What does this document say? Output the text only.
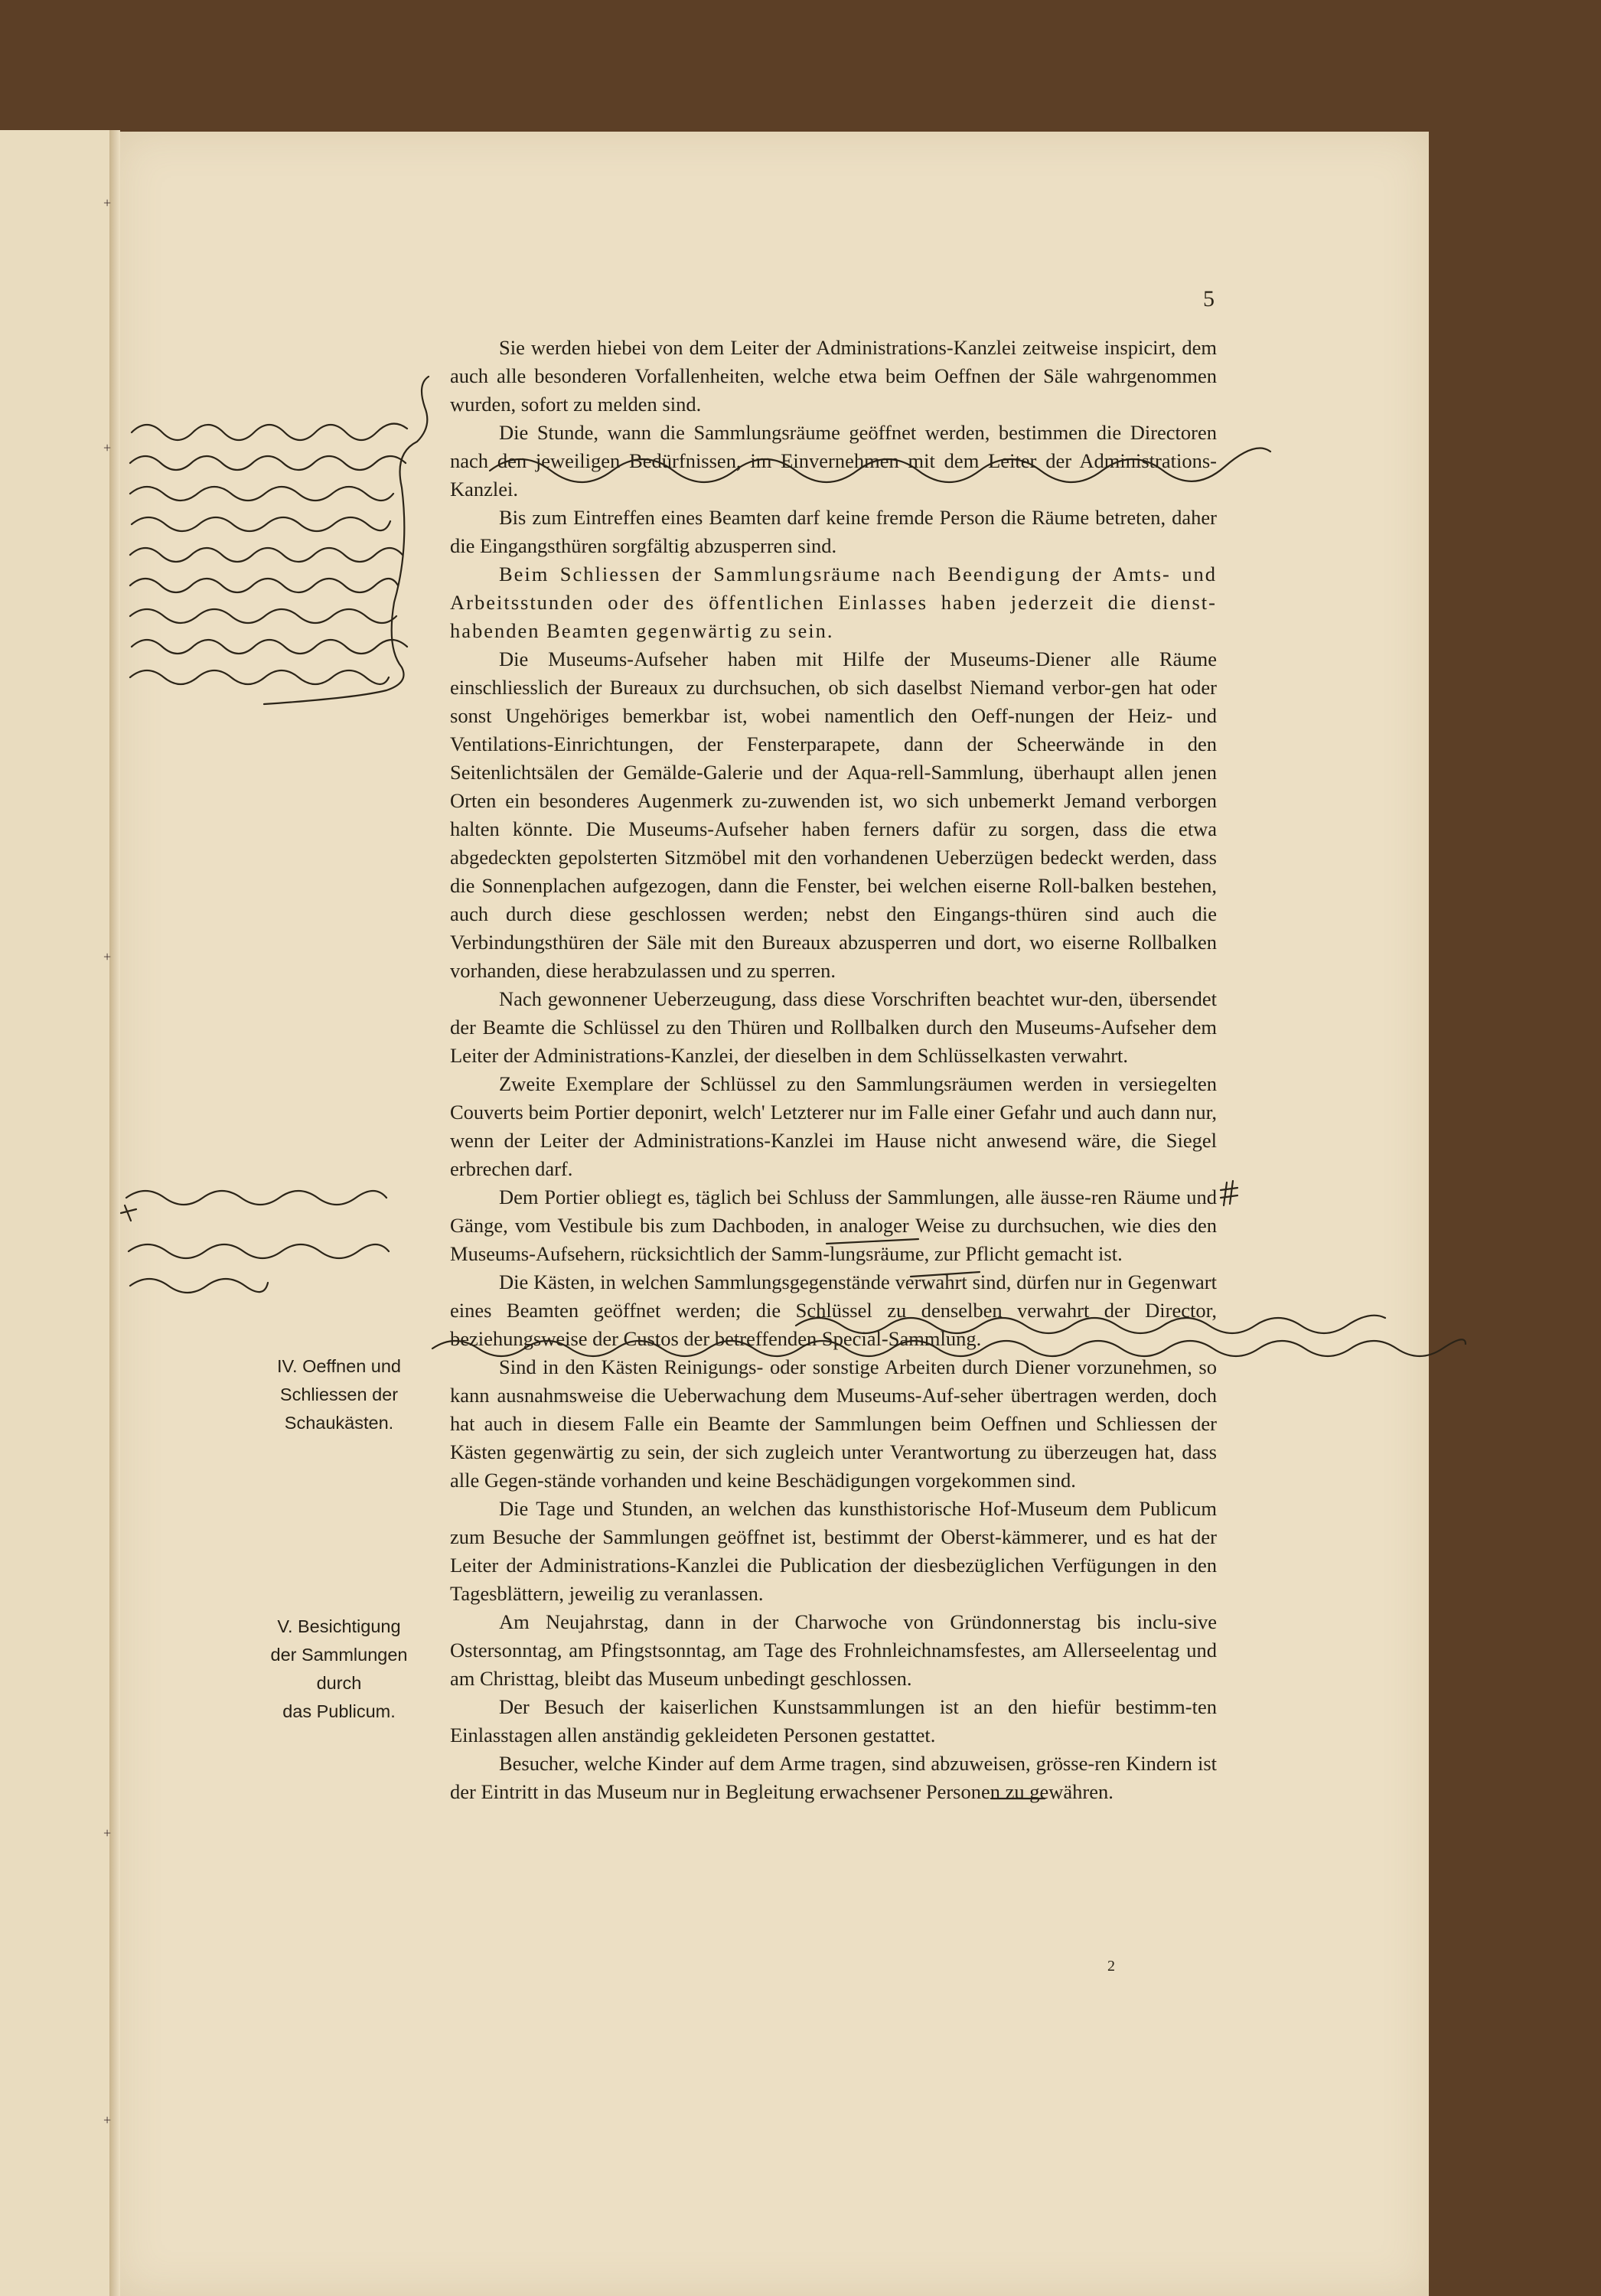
+
+
+
+
+
5

Sie werden hiebei von dem Leiter der Administrations-Kanzlei zeitweise inspicirt, dem auch alle besonderen Vorfallenheiten, welche etwa beim Oeffnen der Säle wahrgenommen wurden, sofort zu melden sind.

Die Stunde, wann die Sammlungsräume geöffnet werden, bestimmen die Directoren nach den jeweiligen Bedürfnissen, im Einvernehmen mit dem Leiter der Administrations-Kanzlei.

Bis zum Eintreffen eines Beamten darf keine fremde Person die Räume betreten, daher die Eingangsthüren sorgfältig abzusperren sind.

Beim Schliessen der Sammlungsräume nach Beendigung der Amts- und Arbeitsstunden oder des öffentlichen Einlasses haben jederzeit die dienst-habenden Beamten gegenwärtig zu sein.

Die Museums-Aufseher haben mit Hilfe der Museums-Diener alle Räume einschliesslich der Bureaux zu durchsuchen, ob sich daselbst Niemand verbor-gen hat oder sonst Ungehöriges bemerkbar ist, wobei namentlich den Oeff-nungen der Heiz- und Ventilations-Einrichtungen, der Fensterparapete, dann der Scheerwände in den Seitenlichtsälen der Gemälde-Galerie und der Aqua-rell-Sammlung, überhaupt allen jenen Orten ein besonderes Augenmerk zu-zuwenden ist, wo sich unbemerkt Jemand verborgen halten könnte. Die Museums-Aufseher haben ferners dafür zu sorgen, dass die etwa abgedeckten gepolsterten Sitzmöbel mit den vorhandenen Ueberzügen bedeckt werden, dass die Sonnenplachen aufgezogen, dann die Fenster, bei welchen eiserne Roll-balken bestehen, auch durch diese geschlossen werden; nebst den Eingangs-thüren sind auch die Verbindungsthüren der Säle mit den Bureaux abzusperren und dort, wo eiserne Rollbalken vorhanden, diese herabzulassen und zu sperren.

Nach gewonnener Ueberzeugung, dass diese Vorschriften beachtet wur-den, übersendet der Beamte die Schlüssel zu den Thüren und Rollbalken durch den Museums-Aufseher dem Leiter der Administrations-Kanzlei, der dieselben in dem Schlüsselkasten verwahrt.

Zweite Exemplare der Schlüssel zu den Sammlungsräumen werden in versiegelten Couverts beim Portier deponirt, welch' Letzterer nur im Falle einer Gefahr und auch dann nur, wenn der Leiter der Administrations-Kanzlei im Hause nicht anwesend wäre, die Siegel erbrechen darf.

Dem Portier obliegt es, täglich bei Schluss der Sammlungen, alle äusse-ren Räume und Gänge, vom Vestibule bis zum Dachboden, in analoger Weise zu durchsuchen, wie dies den Museums-Aufsehern, rücksichtlich der Samm-lungsräume, zur Pflicht gemacht ist.

Die Kästen, in welchen Sammlungsgegenstände verwahrt sind, dürfen nur in Gegenwart eines Beamten geöffnet werden; die Schlüssel zu denselben verwahrt der Director, beziehungsweise der Custos der betreffenden Special-Sammlung.

Sind in den Kästen Reinigungs- oder sonstige Arbeiten durch Diener vorzunehmen, so kann ausnahmsweise die Ueberwachung dem Museums-Auf-seher übertragen werden, doch hat auch in diesem Falle ein Beamte der Sammlungen beim Oeffnen und Schliessen der Kästen gegenwärtig zu sein, der sich zugleich unter Verantwortung zu überzeugen hat, dass alle Gegen-stände vorhanden und keine Beschädigungen vorgekommen sind.

Die Tage und Stunden, an welchen das kunsthistorische Hof-Museum dem Publicum zum Besuche der Sammlungen geöffnet ist, bestimmt der Oberst-kämmerer, und es hat der Leiter der Administrations-Kanzlei die Publication der diesbezüglichen Verfügungen in den Tagesblättern, jeweilig zu veranlassen.

Am Neujahrstag, dann in der Charwoche von Gründonnerstag bis inclu-sive Ostersonntag, am Pfingstsonntag, am Tage des Frohnleichnamsfestes, am Allerseelentag und am Christtag, bleibt das Museum unbedingt geschlossen.

Der Besuch der kaiserlichen Kunstsammlungen ist an den hiefür bestimm-ten Einlasstagen allen anständig gekleideten Personen gestattet.

Besucher, welche Kinder auf dem Arme tragen, sind abzuweisen, grösse-ren Kindern ist der Eintritt in das Museum nur in Begleitung erwachsener Personen zu gewähren.

IV. Oeffnen und
Schliessen der
Schaukästen.
V. Besichtigung
der Sammlungen
durch
das Publicum.
2
